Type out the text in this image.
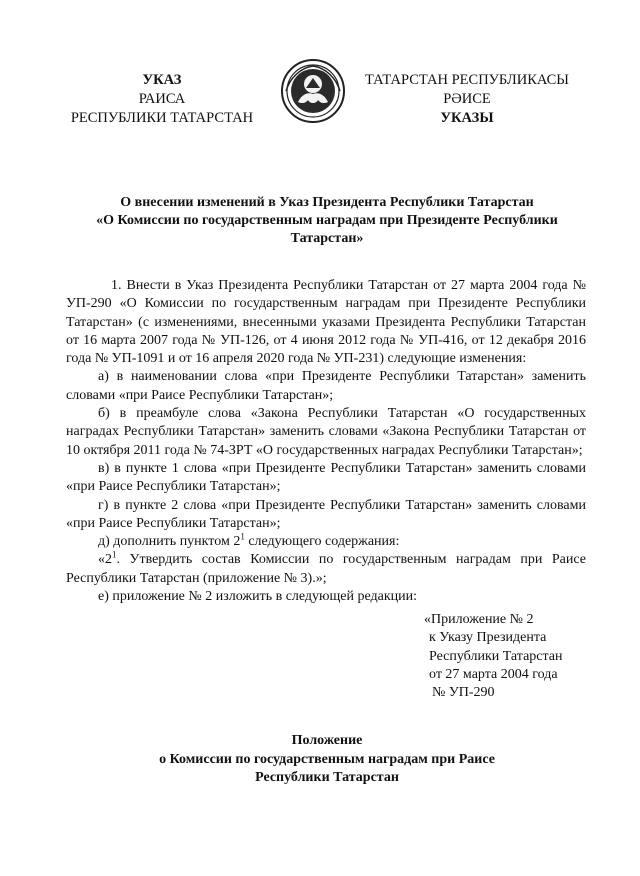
УКАЗ
РАИСА
РЕСПУБЛИКИ ТАТАРСТАН
ТАТАРСТАН РЕСПУБЛИКАСЫ
РӘИСЕ
УКАЗЫ
О внесении изменений в Указ Президента Республики Татарстан
«О Комиссии по государственным наградам при Президенте Республики
Татарстан»

1. Внести в Указ Президента Республики Татарстан от 27 марта 2004 года № УП-290 «О Комиссии по государственным наградам при Президенте Республики Татарстан» (с изменениями, внесенными указами Президента Республики Татарстан от 16 марта 2007 года № УП-126, от 4 июня 2012 года № УП-416, от 12 декабря 2016 года № УП-1091 и от 16 апреля 2020 года № УП-231) следующие изменения:

а) в наименовании слова «при Президенте Республики Татарстан» заменить словами «при Раисе Республики Татарстан»;

б) в преамбуле слова «Закона Республики Татарстан «О государственных наградах Республики Татарстан» заменить словами «Закона Республики Татарстан от 10 октября 2011 года № 74-ЗРТ «О государственных наградах Республики Татарстан»;

в) в пункте 1 слова «при Президенте Республики Татарстан» заменить словами «при Раисе Республики Татарстан»;

г) в пункте 2 слова «при Президенте Республики Татарстан» заменить словами «при Раисе Республики Татарстан»;

д) дополнить пунктом $2^1$ следующего содержания:

«$2^1$. Утвердить состав Комиссии по государственным наградам при Раисе Республики Татарстан (приложение № 3).»;

е) приложение № 2 изложить в следующей редакции:

«Приложение № 2
к Указу Президента
Республики Татарстан
от 27 марта 2004 года
№ УП-290
Положение
о Комиссии по государственным наградам при Раисе
Республики Татарстан
